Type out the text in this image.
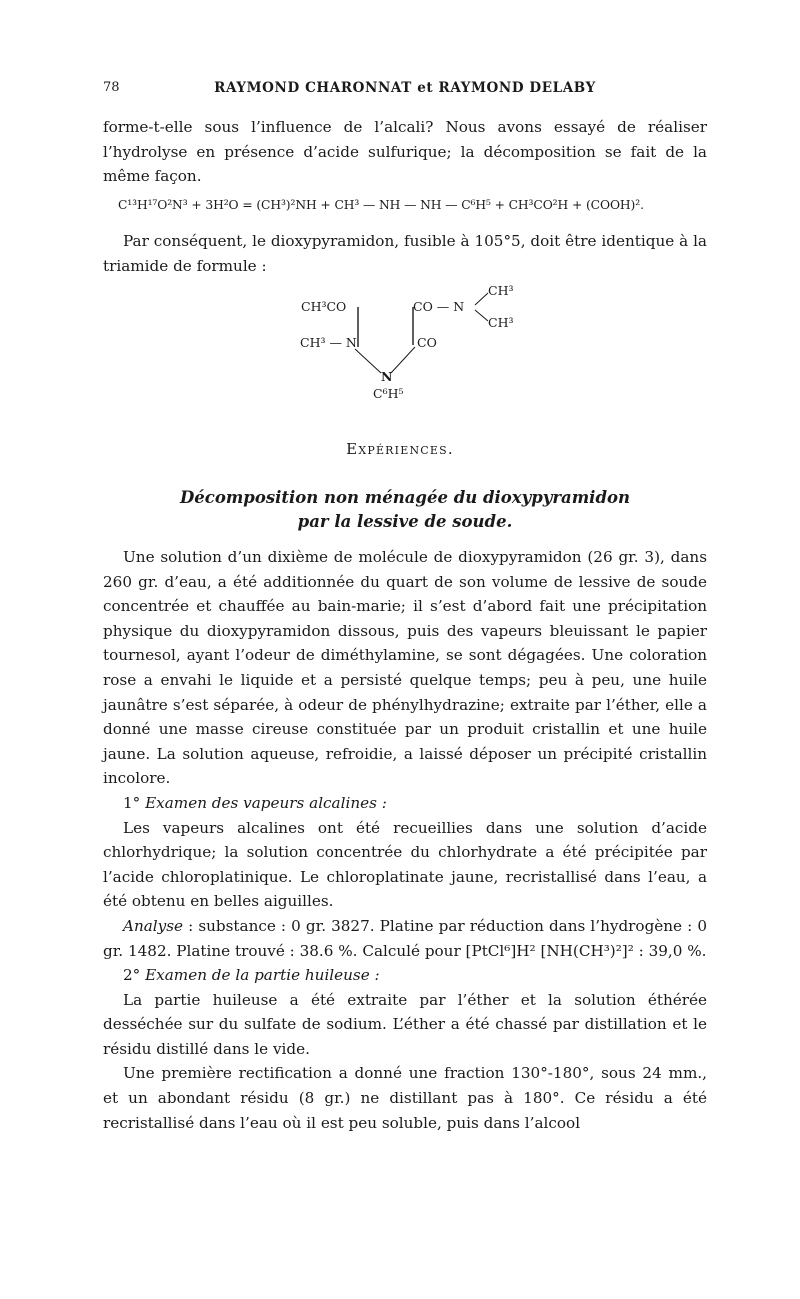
78	RAYMOND CHARONNAT et RAYMOND DELABY

forme-t-elle sous l’influence de l’alcali? Nous avons essayé de réaliser l’hydrolyse en présence d’acide sulfurique; la décomposition se fait de la même façon.

C¹³H¹⁷O²N³ + 3H²O = (CH³)²NH + CH³ — NH — NH — C⁶H⁵ + CH³CO²H + (COOH)².

Par conséquent, le dioxypyramidon, fusible à 105°5, doit être identique à la triamide de formule :

CH³
CH³CO	CO — N
CH³
CH³ — N	CO
N
C⁶H⁵
Expériences.
Décomposition non ménagée du dioxypyramidon
par la lessive de soude.

Une solution d’un dixième de molécule de dioxypyramidon (26 gr. 3), dans 260 gr. d’eau, a été additionnée du quart de son volume de lessive de soude concentrée et chauffée au bain-marie; il s’est d’abord fait une précipitation physique du dioxypyramidon dissous, puis des vapeurs bleuissant le papier tournesol, ayant l’odeur de diméthylamine, se sont dégagées. Une coloration rose a envahi le liquide et a persisté quelque temps; peu à peu, une huile jaunâtre s’est séparée, à odeur de phénylhydrazine; extraite par l’éther, elle a donné une masse cireuse constituée par un produit cristallin et une huile jaune. La solution aqueuse, refroidie, a laissé déposer un précipité cristallin incolore.

1° Examen des vapeurs alcalines :

Les vapeurs alcalines ont été recueillies dans une solution d’acide chlorhydrique; la solution concentrée du chlorhydrate a été précipitée par l’acide chloroplatinique. Le chloroplatinate jaune, recristallisé dans l’eau, a été obtenu en belles aiguilles.

Analyse : substance : 0 gr. 3827. Platine par réduction dans l’hydrogène : 0 gr. 1482. Platine trouvé : 38.6 %. Calculé pour [PtCl⁶]H² [NH(CH³)²]² : 39,0 %.

2° Examen de la partie huileuse :

La partie huileuse a été extraite par l’éther et la solution éthérée desséchée sur du sulfate de sodium. L’éther a été chassé par distillation et le résidu distillé dans le vide.

Une première rectification a donné une fraction 130°-180°, sous 24 mm., et un abondant résidu (8 gr.) ne distillant pas à 180°. Ce résidu a été recristallisé dans l’eau où il est peu soluble, puis dans l’alcool
